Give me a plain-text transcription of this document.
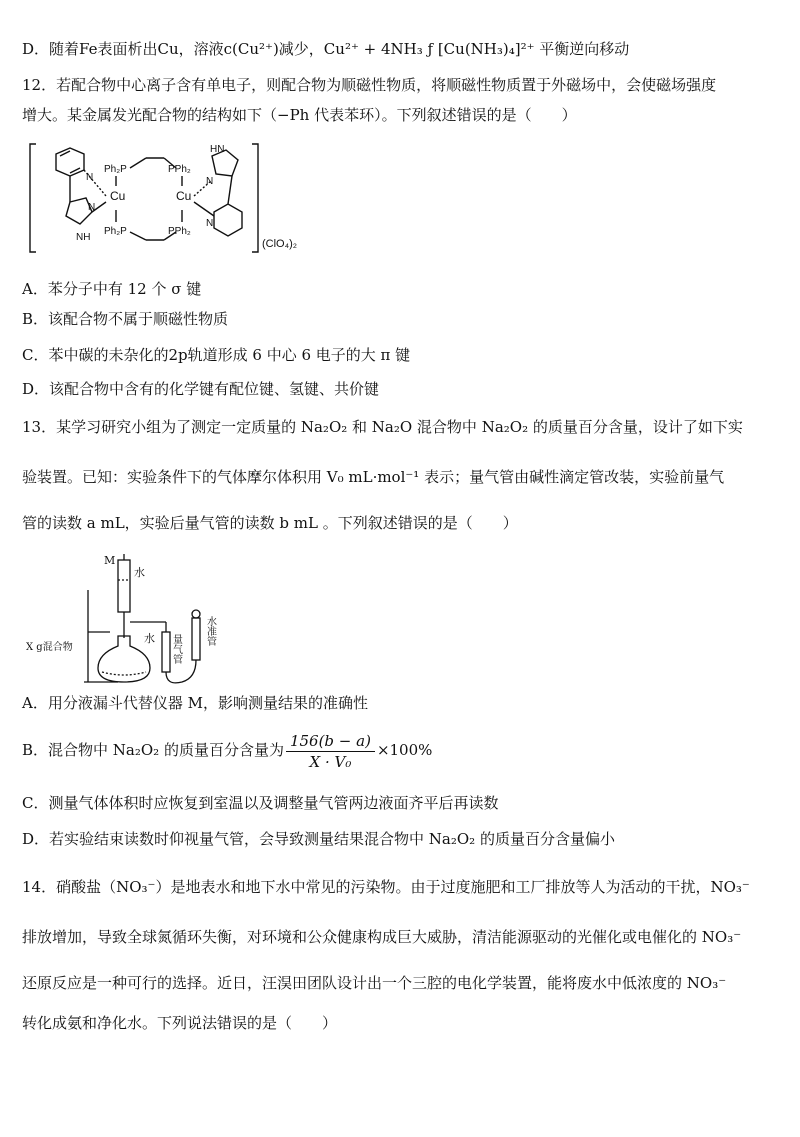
D．随着Fe表面析出Cu，溶液c(Cu²⁺)减少，Cu²⁺ + 4NH₃ ƒ [Cu(NH₃)₄]²⁺ 平衡逆向移动
12．若配合物中心离子含有单电子，则配合物为顺磁性物质，将顺磁性物质置于外磁场中，会使磁场强度
增大。某金属发光配合物的结构如下（−Ph 代表苯环）。下列叙述错误的是（　　）
Cu	Cu
Ph₂P	PPh₂
Ph₂P	PPh₂
N
N
NH
HN
N
N
(ClO₄)₂
A．苯分子中有 12 个 σ 键
B．该配合物不属于顺磁性物质
C．苯中碳的未杂化的2p轨道形成 6 中心 6 电子的大 π 键
D．该配合物中含有的化学键有配位键、氢键、共价键
13．某学习研究小组为了测定一定质量的 Na₂O₂ 和 Na₂O 混合物中 Na₂O₂ 的质量百分含量，设计了如下实
验装置。已知：实验条件下的气体摩尔体积用 V₀ mL·mol⁻¹ 表示；量气管由碱性滴定管改装，实验前量气
管的读数 a mL，实验后量气管的读数 b mL 。下列叙述错误的是（　　）
M
水
X g混合物
水 量气管
水准管
A．用分液漏斗代替仪器 M，影响测量结果的准确性
B．混合物中 Na₂O₂ 的质量百分含量为 $\frac{156(b - a)}{\text{X · V₀}} \times 100\%$
C．测量气体体积时应恢复到室温以及调整量气管两边液面齐平后再读数
D．若实验结束读数时仰视量气管，会导致测量结果混合物中 Na₂O₂ 的质量百分含量偏小
14．硝酸盐（NO₃⁻）是地表水和地下水中常见的污染物。由于过度施肥和工厂排放等人为活动的干扰，NO₃⁻
排放增加，导致全球氮循环失衡，对环境和公众健康构成巨大威胁，清洁能源驱动的光催化或电催化的 NO₃⁻
还原反应是一种可行的选择。近日，汪淏田团队设计出一个三腔的电化学装置，能将废水中低浓度的 NO₃⁻
转化成氨和净化水。下列说法错误的是（　　）
